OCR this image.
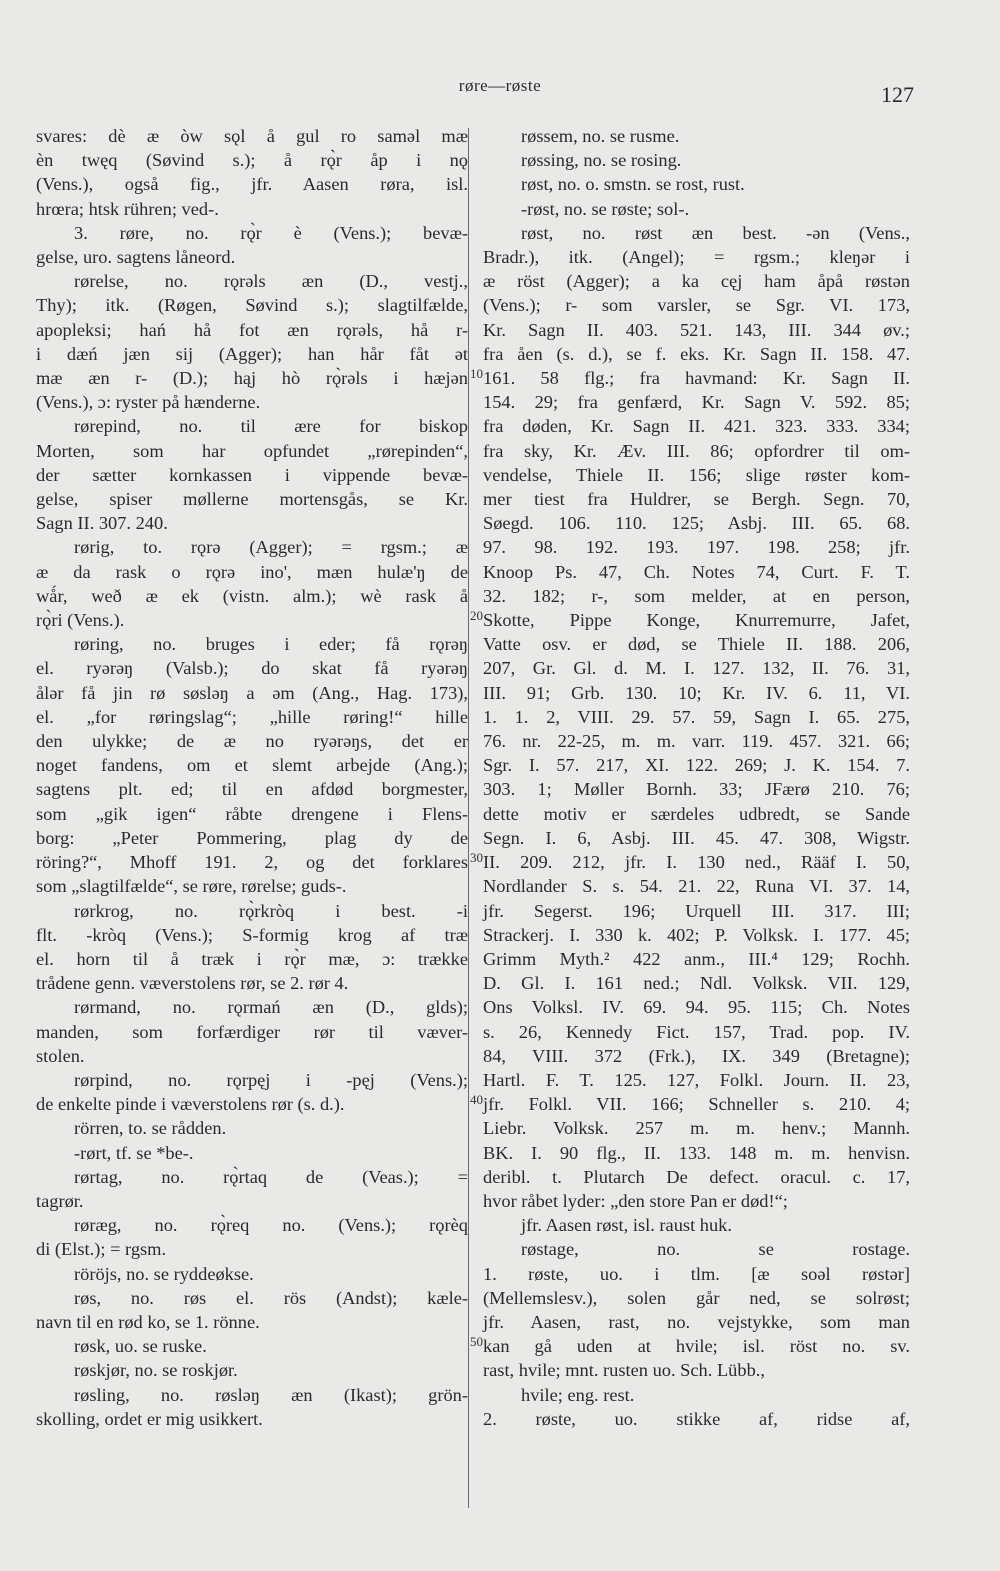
røre—røste	127
10
20
30
40
50
svares: dè æ òw sǫl å gul ro saməl mæ
èn twęq (Søvind s.); å rǫ̀r åp i nǫ
(Vens.), også fig., jfr. Aasen røra, isl.
hrœra; htsk rühren; ved-.
3. røre, no. rǫ̀r è (Vens.); bevæ-
gelse, uro. sagtens låneord.
rørelse, no. rǫrəls æn (D., vestj.,
Thy); itk. (Røgen, Søvind s.); slagtilfælde,
apopleksi; hań hå fot æn rǫrəls, hå r-
i dæń jæn sij (Agger); han hår fåt ət
mæ æn r- (D.); hąj hò rǫ̀rəls i hæjən
(Vens.), ɔ: ryster på hænderne.
rørepind, no. til ære for biskop
Morten, som har opfundet „rørepinden“,
der sætter kornkassen i vippende bevæ-
gelse, spiser møllerne mortensgås, se Kr.
Sagn II. 307. 240.
rørig, to. rǫrə (Agger); = rgsm.; æ
æ da rask o rǫrə ino', mæn hulæ'ŋ de
wǻr, weð æ ek (vistn. alm.); wè rask å
rǫ̀ri (Vens.).
røring, no. bruges i eder; få rǫrəŋ
el. ryərəŋ (Valsb.); do skat få ryərəŋ
ålər få jin rø søsləŋ a əm (Ang., Hag. 173),
el. „for røringslag“; „hille røring!“ hille
den ulykke; de æ no ryərəŋs, det er
noget fandens, om et slemt arbejde (Ang.);
sagtens plt. ed; til en afdød borgmester,
som „gik igen“ råbte drengene i Flens-
borg: „Peter Pommering, plag dy de
röring?“, Mhoff 191. 2, og det forklares
som „slagtilfælde“, se røre, rørelse; guds-.
rørkrog, no. rǫ̀rkròq i best. -i
flt. -kròq (Vens.); S-formig krog af træ
el. horn til å træk i rǫ̀r mæ, ɔ: trække
trådene genn. væverstolens rør, se 2. rør 4.
rørmand, no. rǫrmań æn (D., glds);
manden, som forfærdiger rør til væver-
stolen.
rørpind, no. rǫrpęj i -pęj (Vens.);
de enkelte pinde i væverstolens rør (s. d.).
rörren, to. se rådden.
-rørt, tf. se *be-.
rørtag, no. rǫ̀rtaq de (Veas.); =
tagrør.
røræg, no. rǫ̀req no. (Vens.); rǫrèq
di (Elst.); = rgsm.
röröjs, no. se ryddeøkse.
røs, no. røs el. rös (Andst); kæle-
navn til en rød ko, se 1. rönne.
røsk, uo. se ruske.
røskjør, no. se roskjør.
røsling, no. røsləŋ æn (Ikast); grön-
skolling, ordet er mig usikkert.
røssem, no. se rusme.
røssing, no. se rosing.
røst, no. o. smstn. se rost, rust.
-røst, no. se røste; sol-.
røst, no. røst æn best. -ən (Vens.,
Bradr.), itk. (Angel); = rgsm.; kleŋər i
æ röst (Agger); a ka cęj ham åpå røstən
(Vens.); r- som varsler, se Sgr. VI. 173,
Kr. Sagn II. 403. 521. 143, III. 344 øv.;
fra åen (s. d.), se f. eks. Kr. Sagn II. 158. 47.
161. 58 flg.; fra havmand: Kr. Sagn II.
154. 29; fra genfærd, Kr. Sagn V. 592. 85;
fra døden, Kr. Sagn II. 421. 323. 333. 334;
fra sky, Kr. Æv. III. 86; opfordrer til om-
vendelse, Thiele II. 156; slige røster kom-
mer tiest fra Huldrer, se Bergh. Segn. 70,
Søegd. 106. 110. 125; Asbj. III. 65. 68.
97. 98. 192. 193. 197. 198. 258; jfr.
Knoop Ps. 47, Ch. Notes 74, Curt. F. T.
32. 182; r-, som melder, at en person,
Skotte, Pippe Konge, Knurremurre, Jafet,
Vatte osv. er død, se Thiele II. 188. 206,
207, Gr. Gl. d. M. I. 127. 132, II. 76. 31,
III. 91; Grb. 130. 10; Kr. IV. 6. 11, VI.
1. 1. 2, VIII. 29. 57. 59, Sagn I. 65. 275,
76. nr. 22-25, m. m. varr. 119. 457. 321. 66;
Sgr. I. 57. 217, XI. 122. 269; J. K. 154. 7.
303. 1; Møller Bornh. 33; JFærø 210. 76;
dette motiv er særdeles udbredt, se Sande
Segn. I. 6, Asbj. III. 45. 47. 308, Wigstr.
II. 209. 212, jfr. I. 130 ned., Rääf I. 50,
Nordlander S. s. 54. 21. 22, Runa VI. 37. 14,
jfr. Segerst. 196; Urquell III. 317. III;
Strackerj. I. 330 k. 402; P. Volksk. I. 177. 45;
Grimm Myth.² 422 anm., III.⁴ 129; Rochh.
D. Gl. I. 161 ned.; Ndl. Volksk. VII. 129,
Ons Volksl. IV. 69. 94. 95. 115; Ch. Notes
s. 26, Kennedy Fict. 157, Trad. pop. IV.
84, VIII. 372 (Frk.), IX. 349 (Bretagne);
Hartl. F. T. 125. 127, Folkl. Journ. II. 23,
jfr. Folkl. VII. 166; Schneller s. 210. 4;
Liebr. Volksk. 257 m. m. henv.; Mannh.
BK. I. 90 flg., II. 133. 148 m. m. henvisn.
deribl. t. Plutarch De defect. oracul. c. 17,
hvor råbet lyder: „den store Pan er død!“;
jfr. Aasen røst, isl. raust huk.
røstage, no. se rostage.
1. røste, uo. i tlm. [æ soəl røstər]
(Mellemslesv.), solen går ned, se solrøst;
jfr. Aasen, rast, no. vejstykke, som man
kan gå uden at hvile; isl. röst no. sv.
rast, hvile; mnt. rusten uo. Sch. Lübb.,
hvile; eng. rest.
2. røste, uo. stikke af, ridse af,
